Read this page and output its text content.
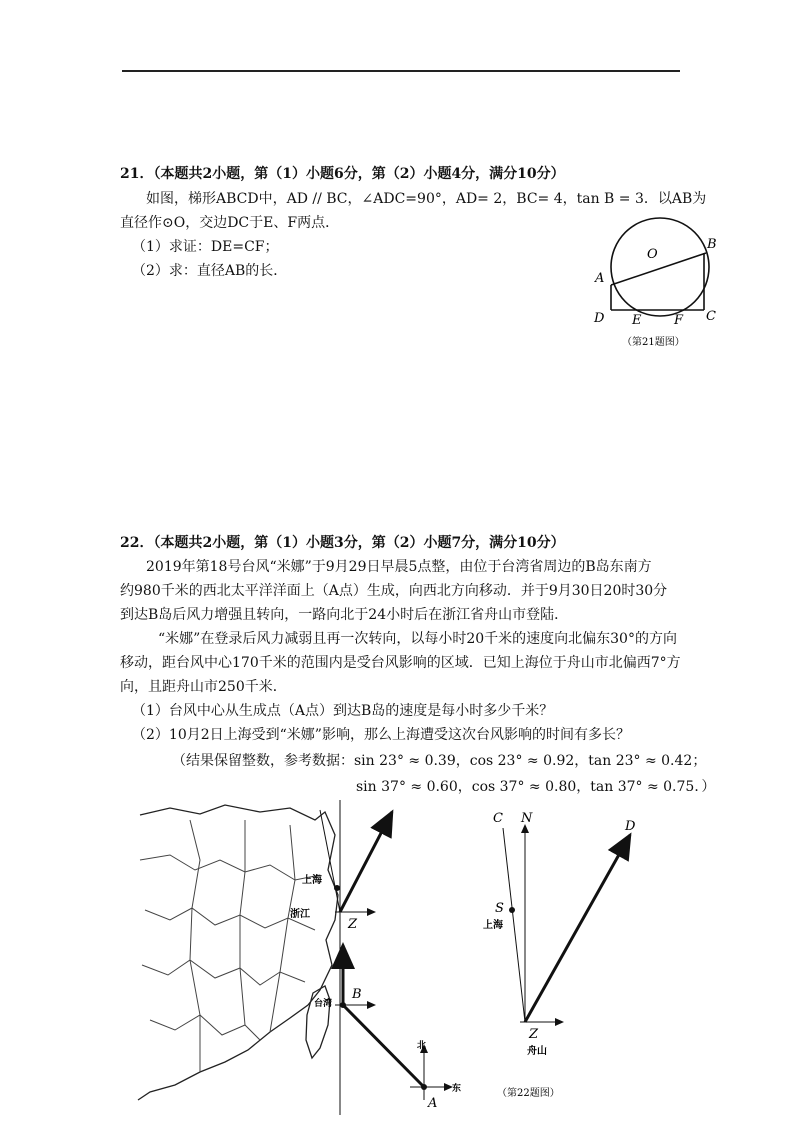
21．（本题共2小题，第（1）小题6分，第（2）小题4分，满分10分）
如图，梯形ABCD中，AD // BC，∠ADC=90°，AD= 2，BC= 4，tan B = 3．以AB为
直径作⊙O，交边DC于E、F两点．
（1）求证：DE=CF；
（2）求：直径AB的长．
O
A
B
C
D E	F
（第21题图）
22．（本题共2小题，第（1）小题3分，第（2）小题7分，满分10分）
2019年第18号台风“米娜”于9月29日早晨5点整，由位于台湾省周边的B岛东南方
约980千米的西北太平洋洋面上（A点）生成，向西北方向移动．并于9月30日20时30分
到达B岛后风力增强且转向，一路向北于24小时后在浙江省舟山市登陆．
“米娜”在登录后风力减弱且再一次转向，以每小时20千米的速度向北偏东30°的方向
移动，距台风中心170千米的范围内是受台风影响的区域．已知上海位于舟山市北偏西7°方
向，且距舟山市250千米．
（1）台风中心从生成点（A点）到达B岛的速度是每小时多少千米？
（2）10月2日上海受到“米娜”影响，那么上海遭受这次台风影响的时间有多长？
（结果保留整数，参考数据：sin 23° ≈ 0.39，cos 23° ≈ 0.92，tan 23° ≈ 0.42；
sin 37° ≈ 0.60，cos 37° ≈ 0.80，tan 37° ≈ 0.75．）
上海
浙江
台湾
北
东
Z
B
A
C N
D
S
上海
Z
舟山
（第22题图）
